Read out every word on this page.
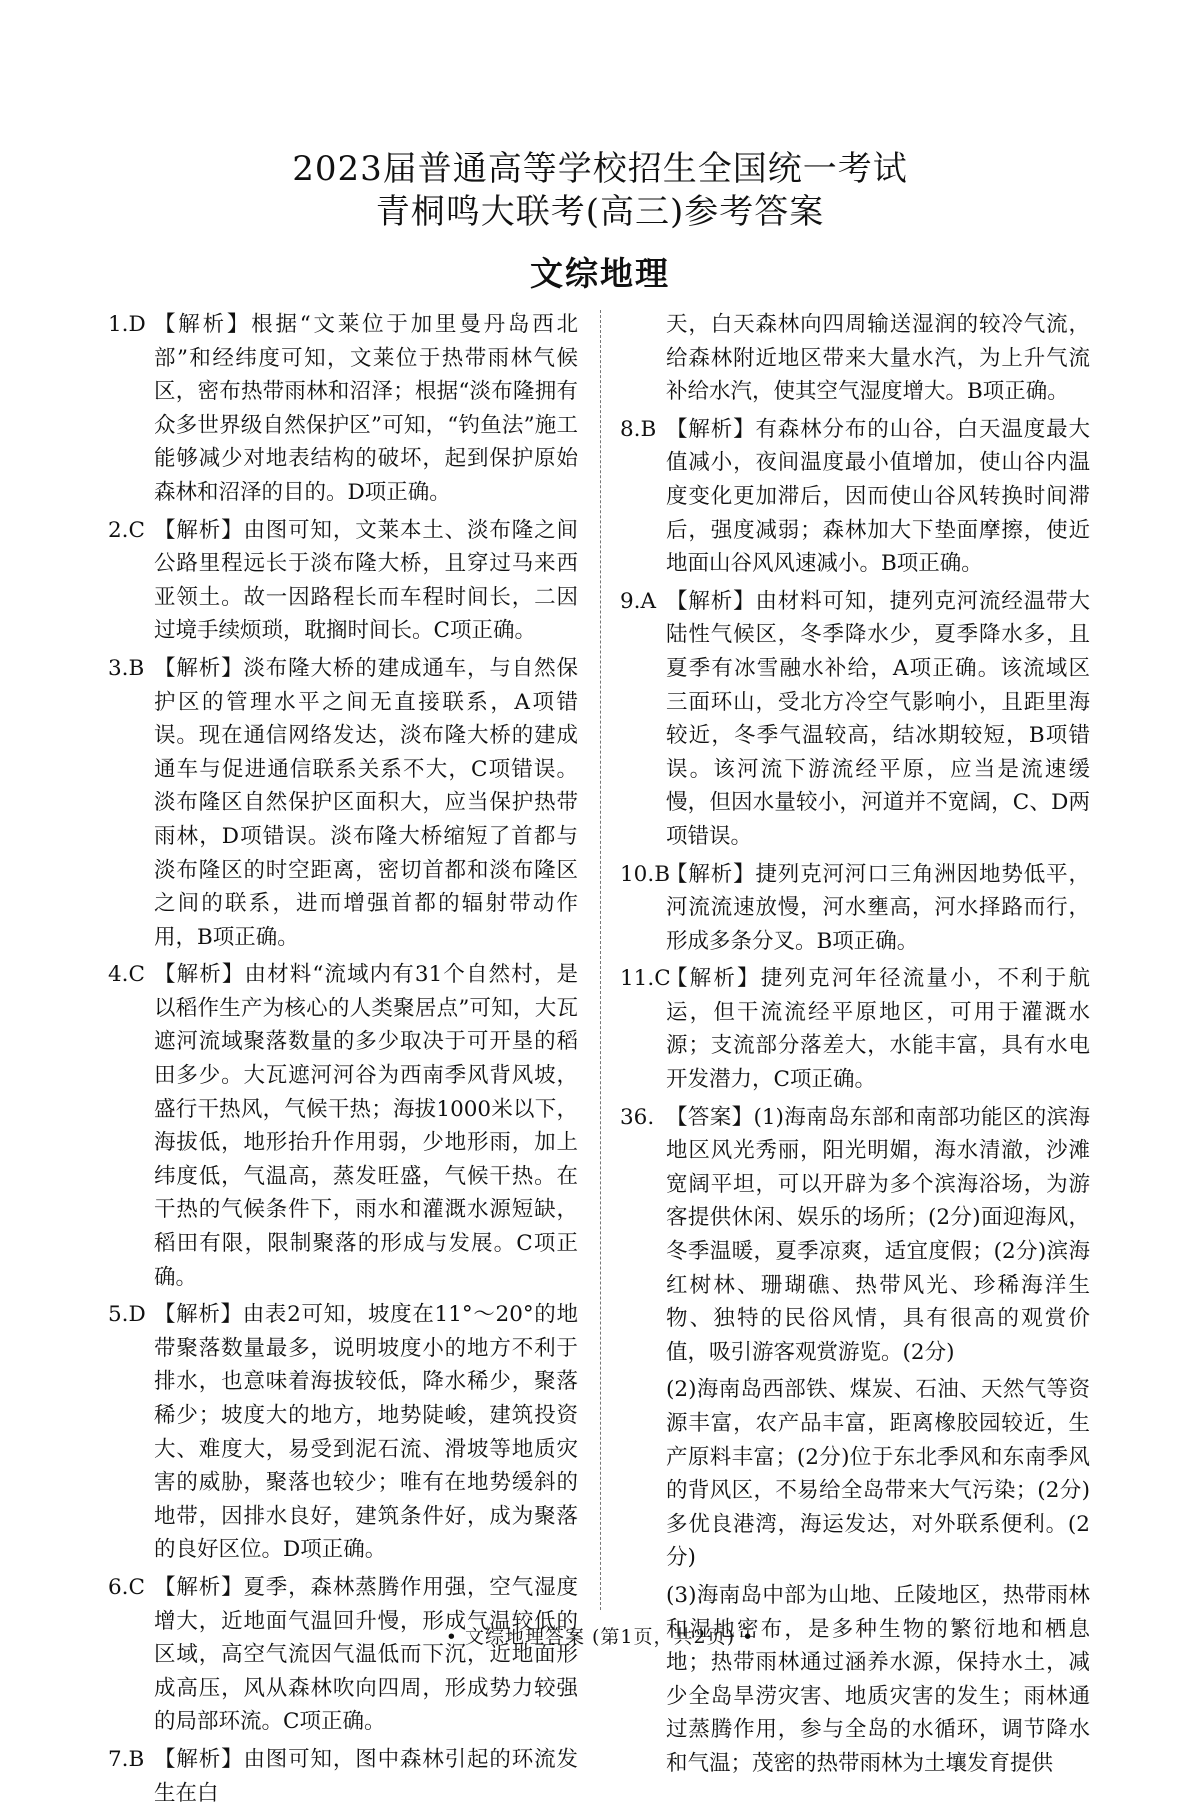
2023届普通高等学校招生全国统一考试
青桐鸣大联考(高三)参考答案
文综地理
1.D 【解析】根据“文莱位于加里曼丹岛西北部”和经纬度可知，文莱位于热带雨林气候区，密布热带雨林和沼泽；根据“淡布隆拥有众多世界级自然保护区”可知，“钓鱼法”施工能够减少对地表结构的破坏，起到保护原始森林和沼泽的目的。D项正确。
2.C 【解析】由图可知，文莱本土、淡布隆之间公路里程远长于淡布隆大桥，且穿过马来西亚领土。故一因路程长而车程时间长，二因过境手续烦琐，耽搁时间长。C项正确。
3.B 【解析】淡布隆大桥的建成通车，与自然保护区的管理水平之间无直接联系，A项错误。现在通信网络发达，淡布隆大桥的建成通车与促进通信联系关系不大，C项错误。淡布隆区自然保护区面积大，应当保护热带雨林，D项错误。淡布隆大桥缩短了首都与淡布隆区的时空距离，密切首都和淡布隆区之间的联系，进而增强首都的辐射带动作用，B项正确。
4.C 【解析】由材料“流域内有31个自然村，是以稻作生产为核心的人类聚居点”可知，大瓦遮河流域聚落数量的多少取决于可开垦的稻田多少。大瓦遮河河谷为西南季风背风坡，盛行干热风，气候干热；海拔1000米以下，海拔低，地形抬升作用弱，少地形雨，加上纬度低，气温高，蒸发旺盛，气候干热。在干热的气候条件下，雨水和灌溉水源短缺，稻田有限，限制聚落的形成与发展。C项正确。
5.D 【解析】由表2可知，坡度在11°～20°的地带聚落数量最多，说明坡度小的地方不利于排水，也意味着海拔较低，降水稀少，聚落稀少；坡度大的地方，地势陡峻，建筑投资大、难度大，易受到泥石流、滑坡等地质灾害的威胁，聚落也较少；唯有在地势缓斜的地带，因排水良好，建筑条件好，成为聚落的良好区位。D项正确。
6.C 【解析】夏季，森林蒸腾作用强，空气湿度增大，近地面气温回升慢，形成气温较低的区域，高空气流因气温低而下沉，近地面形成高压，风从森林吹向四周，形成势力较强的局部环流。C项正确。
7.B 【解析】由图可知，图中森林引起的环流发生在白
天，白天森林向四周输送湿润的较冷气流，给森林附近地区带来大量水汽，为上升气流补给水汽，使其空气湿度增大。B项正确。
8.B 【解析】有森林分布的山谷，白天温度最大值减小，夜间温度最小值增加，使山谷内温度变化更加滞后，因而使山谷风转换时间滞后，强度减弱；森林加大下垫面摩擦，使近地面山谷风风速减小。B项正确。
9.A 【解析】由材料可知，捷列克河流经温带大陆性气候区，冬季降水少，夏季降水多，且夏季有冰雪融水补给，A项正确。该流域区三面环山，受北方冷空气影响小，且距里海较近，冬季气温较高，结冰期较短，B项错误。该河流下游流经平原，应当是流速缓慢，但因水量较小，河道并不宽阔，C、D两项错误。
10.B
【解析】捷列克河河口三角洲因地势低平，河流流速放慢，河水壅高，河水择路而行，形成多条分叉。B项正确。
11.C
【解析】捷列克河年径流量小，不利于航运，但干流流经平原地区，可用于灌溉水源；支流部分落差大，水能丰富，具有水电开发潜力，C项正确。
36. 【答案】(1)海南岛东部和南部功能区的滨海地区风光秀丽，阳光明媚，海水清澈，沙滩宽阔平坦，可以开辟为多个滨海浴场，为游客提供休闲、娱乐的场所；(2分)面迎海风，冬季温暖，夏季凉爽，适宜度假；(2分)滨海红树林、珊瑚礁、热带风光、珍稀海洋生物、独特的民俗风情，具有很高的观赏价值，吸引游客观赏游览。(2分)
(2)海南岛西部铁、煤炭、石油、天然气等资源丰富，农产品丰富，距离橡胶园较近，生产原料丰富；(2分)位于东北季风和东南季风的背风区，不易给全岛带来大气污染；(2分)多优良港湾，海运发达，对外联系便利。(2分)
(3)海南岛中部为山地、丘陵地区，热带雨林和湿地密布，是多种生物的繁衍地和栖息地；热带雨林通过涵养水源，保持水土，减少全岛旱涝灾害、地质灾害的发生；雨林通过蒸腾作用，参与全岛的水循环，调节降水和气温；茂密的热带雨林为土壤发育提供
• 文综地理答案 (第1页，共2页) •
